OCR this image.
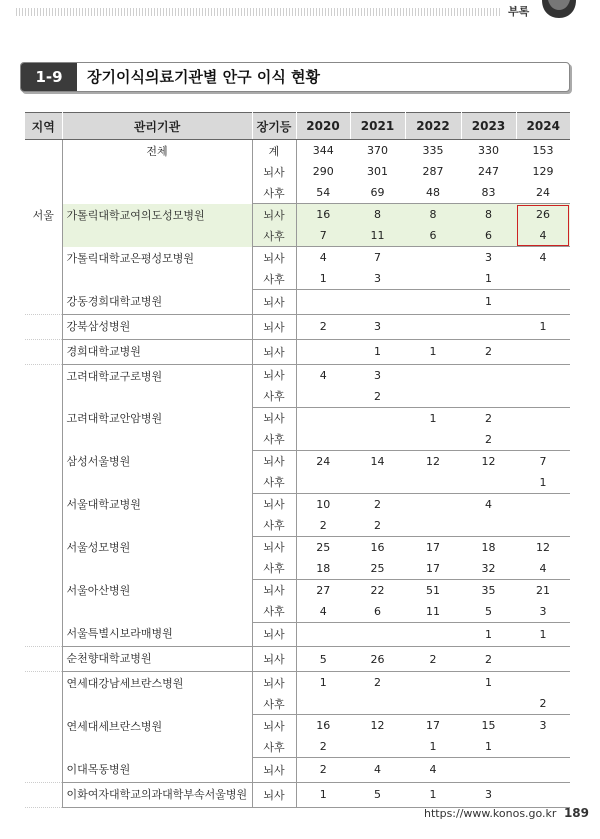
부록
1-9	장기이식의료기관별 안구 이식 현황
지역	관리기관	장기등	2020	2021	2022	2023	2024
	전체	계	344	370	335	330	153
		뇌사	290	301	287	247	129
		사후	54	69	48	83	24
서울	가톨릭대학교여의도성모병원	뇌사	16	8	8	8	26
		사후	7	11	6	6	4
	가톨릭대학교은평성모병원	뇌사	4	7		3	4
		사후	1	3		1	
	강동경희대학교병원	뇌사				1	
	강북삼성병원	뇌사	2	3			1
	경희대학교병원	뇌사		1	1	2	
	고려대학교구로병원	뇌사	4	3			
		사후		2			
	고려대학교안암병원	뇌사			1	2	
		사후				2	
	삼성서울병원	뇌사	24	14	12	12	7
		사후					1
	서울대학교병원	뇌사	10	2		4	
		사후	2	2			
	서울성모병원	뇌사	25	16	17	18	12
		사후	18	25	17	32	4
	서울아산병원	뇌사	27	22	51	35	21
		사후	4	6	11	5	3
	서울특별시보라매병원	뇌사				1	1
	순천향대학교병원	뇌사	5	26	2	2	
	연세대강남세브란스병원	뇌사	1	2		1	
		사후					2
	연세대세브란스병원	뇌사	16	12	17	15	3
		사후	2		1	1	
	이대목동병원	뇌사	2	4	4		
	이화여자대학교의과대학부속서울병원	뇌사	1	5	1	3	
https://www.konos.go.kr 189
